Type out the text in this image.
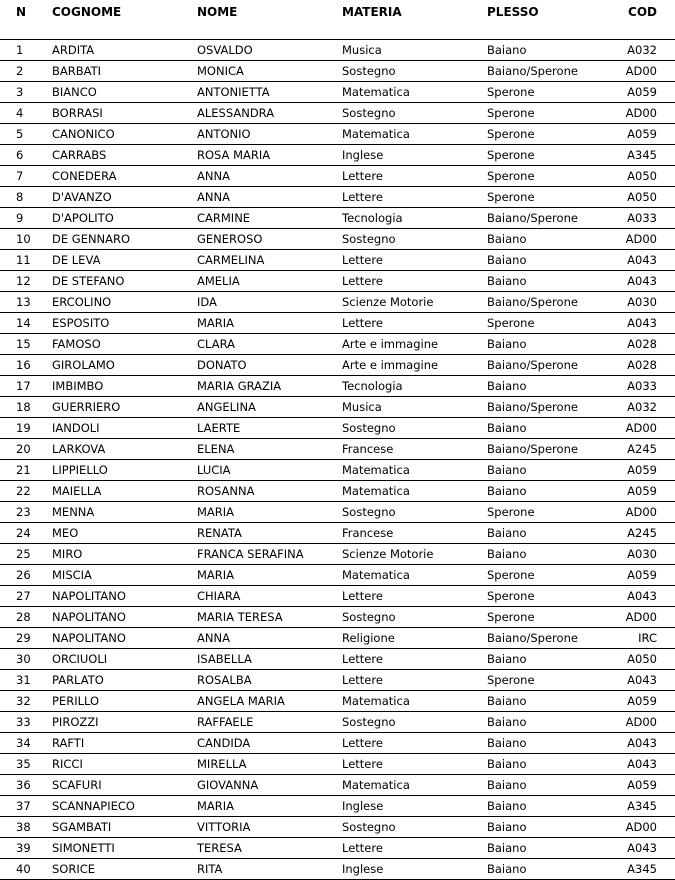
N	COGNOME	NOME	MATERIA	PLESSO	COD

1	ARDITA	OSVALDO	Musica	Baiano	A032
2	BARBATI	MONICA	Sostegno	Baiano/Sperone	AD00
3	BIANCO	ANTONIETTA	Matematica	Sperone	A059
4	BORRASI	ALESSANDRA	Sostegno	Sperone	AD00
5	CANONICO	ANTONIO	Matematica	Sperone	A059
6	CARRABS	ROSA MARIA	Inglese	Sperone	A345
7	CONEDERA	ANNA	Lettere	Sperone	A050
8	D'AVANZO	ANNA	Lettere	Sperone	A050
9	D'APOLITO	CARMINE	Tecnologia	Baiano/Sperone	A033
10	DE GENNARO	GENEROSO	Sostegno	Baiano	AD00
11	DE LEVA	CARMELINA	Lettere	Baiano	A043
12	DE STEFANO	AMELIA	Lettere	Baiano	A043
13	ERCOLINO	IDA	Scienze Motorie	Baiano/Sperone	A030
14	ESPOSITO	MARIA	Lettere	Sperone	A043
15	FAMOSO	CLARA	Arte e immagine	Baiano	A028
16	GIROLAMO	DONATO	Arte e immagine	Baiano/Sperone	A028
17	IMBIMBO	MARIA GRAZIA	Tecnologia	Baiano	A033
18	GUERRIERO	ANGELINA	Musica	Baiano/Sperone	A032
19	IANDOLI	LAERTE	Sostegno	Baiano	AD00
20	LARKOVA	ELENA	Francese	Baiano/Sperone	A245
21	LIPPIELLO	LUCIA	Matematica	Baiano	A059
22	MAIELLA	ROSANNA	Matematica	Baiano	A059
23	MENNA	MARIA	Sostegno	Sperone	AD00
24	MEO	RENATA	Francese	Baiano	A245
25	MIRO	FRANCA SERAFINA	Scienze Motorie	Baiano	A030
26	MISCIA	MARIA	Matematica	Sperone	A059
27	NAPOLITANO	CHIARA	Lettere	Sperone	A043
28	NAPOLITANO	MARIA TERESA	Sostegno	Sperone	AD00
29	NAPOLITANO	ANNA	Religione	Baiano/Sperone	IRC
30	ORCIUOLI	ISABELLA	Lettere	Baiano	A050
31	PARLATO	ROSALBA	Lettere	Sperone	A043
32	PERILLO	ANGELA MARIA	Matematica	Baiano	A059
33	PIROZZI	RAFFAELE	Sostegno	Baiano	AD00
34	RAFTI	CANDIDA	Lettere	Baiano	A043
35	RICCI	MIRELLA	Lettere	Baiano	A043
36	SCAFURI	GIOVANNA	Matematica	Baiano	A059
37	SCANNAPIECO	MARIA	Inglese	Baiano	A345
38	SGAMBATI	VITTORIA	Sostegno	Baiano	AD00
39	SIMONETTI	TERESA	Lettere	Baiano	A043
40	SORICE	RITA	Inglese	Baiano	A345
